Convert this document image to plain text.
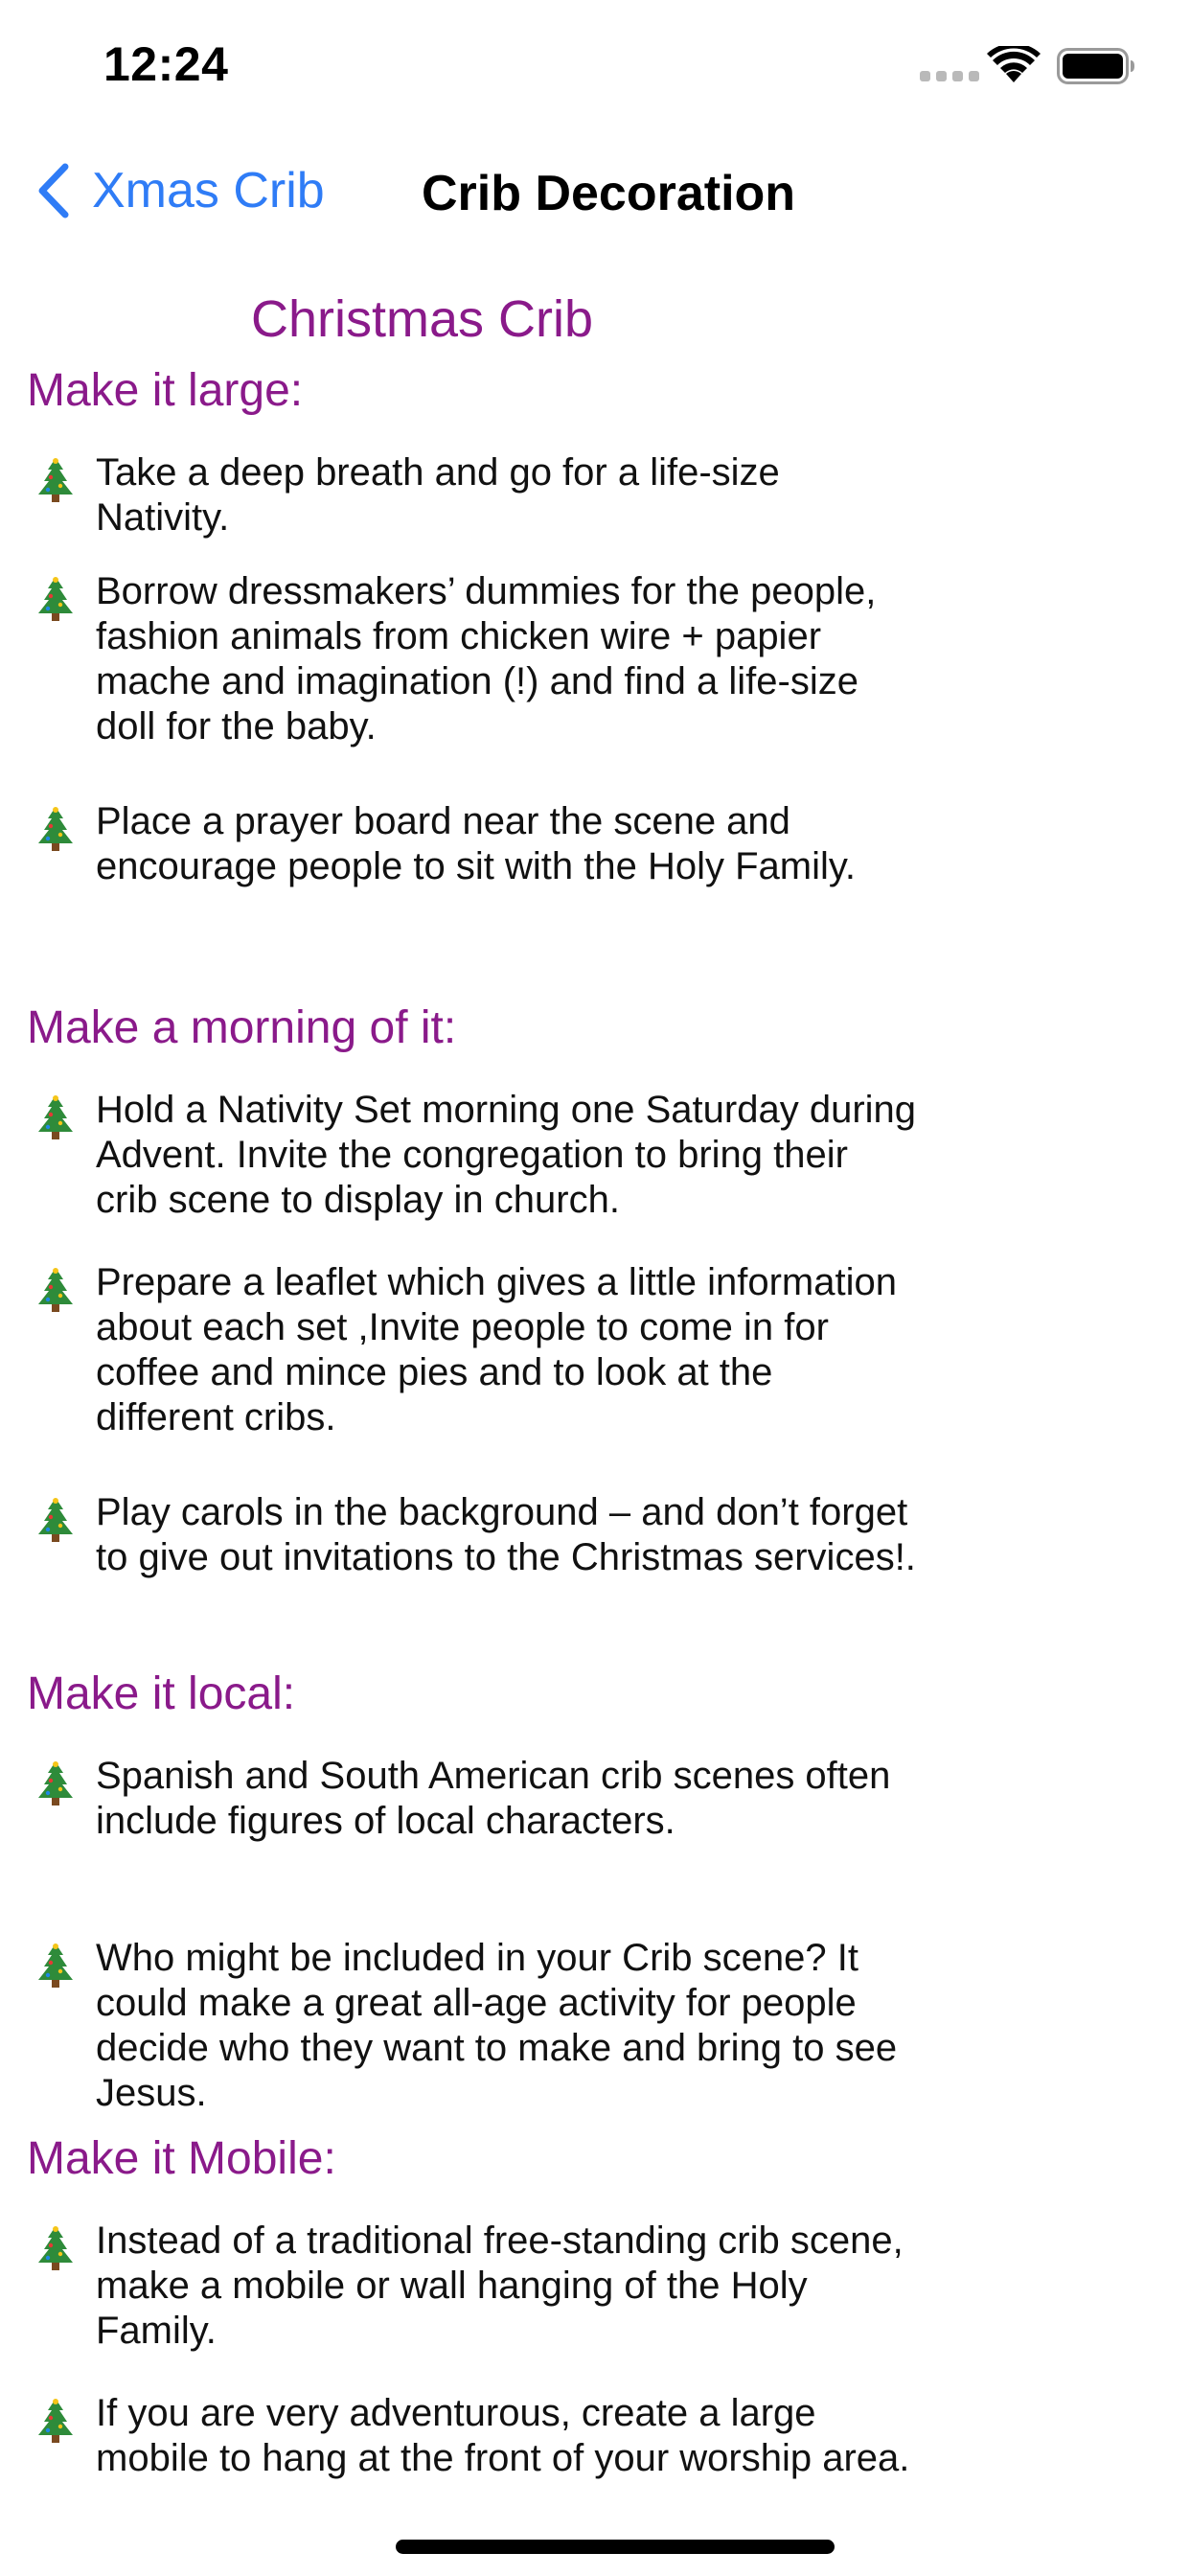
12:24
Xmas Crib Crib Decoration
Christmas Crib
Make it large:
Take a deep breath and go for a life-size Nativity.
Borrow dressmakers’ dummies for the people, fashion animals from chicken wire + papier mache and imagination (!) and find a life-size doll for the baby.
Place a prayer board near the scene and encourage people to sit with the Holy Family.
Make a morning of it:
Hold a Nativity Set morning one Saturday during Advent. Invite the congregation to bring their crib scene to display in church.
Prepare a leaflet which gives a little information about each set ,Invite people to come in for coffee and mince pies and to look at the different cribs.
Play carols in the background – and don’t forget to give out invitations to the Christmas services!.
Make it local:
Spanish and South American crib scenes often include figures of local characters.
Who might be included in your Crib scene? It could make a great all-age activity for people decide who they want to make and bring to see Jesus.
Make it Mobile:
Instead of a traditional free-standing crib scene, make a mobile or wall hanging of the Holy Family.
If you are very adventurous, create a large mobile to hang at the front of your worship area.
